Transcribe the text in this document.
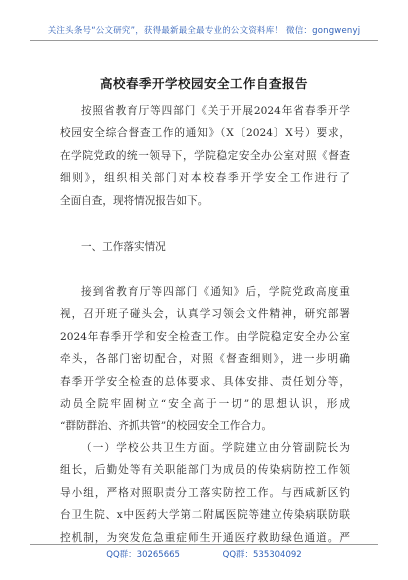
关注头条号“公文研究”，获得最新最全最专业的公文资料库！ 微信：gongwenyj
高校春季开学校园安全工作自查报告
按照省教育厅等四部门《关于开展2024年省春季开学
校园安全综合督查工作的通知》（X〔2024〕X号）要求，
在学院党政的统一领导下，学院稳定安全办公室对照《督查
细则》，组织相关部门对本校春季开学安全工作进行了
全面自查，现将情况报告如下。
一、工作落实情况
接到省教育厅等四部门《通知》后，学院党政高度重
视，召开班子碰头会，认真学习领会文件精神，研究部署
2024年春季开学和安全检查工作。由学院稳定安全办公室
牵头，各部门密切配合，对照《督查细则》，进一步明确
春季开学安全检查的总体要求、具体安排、责任划分等，
动员全院牢固树立“安全高于一切”的思想认识，形成
“群防群治、齐抓共管”的校园安全工作合力。
（一）学校公共卫生方面。学院建立由分管副院长为
组长，后勤处等有关职能部门为成员的传染病防控工作领
导小组，严格对照职责分工落实防控工作。与西咸新区钓
台卫生院、x中医药大学第二附属医院等建立传染病联防联
控机制，为突发危急重症师生开通医疗救助绿色通道。严
QQ群：30265665	QQ群：535304092
